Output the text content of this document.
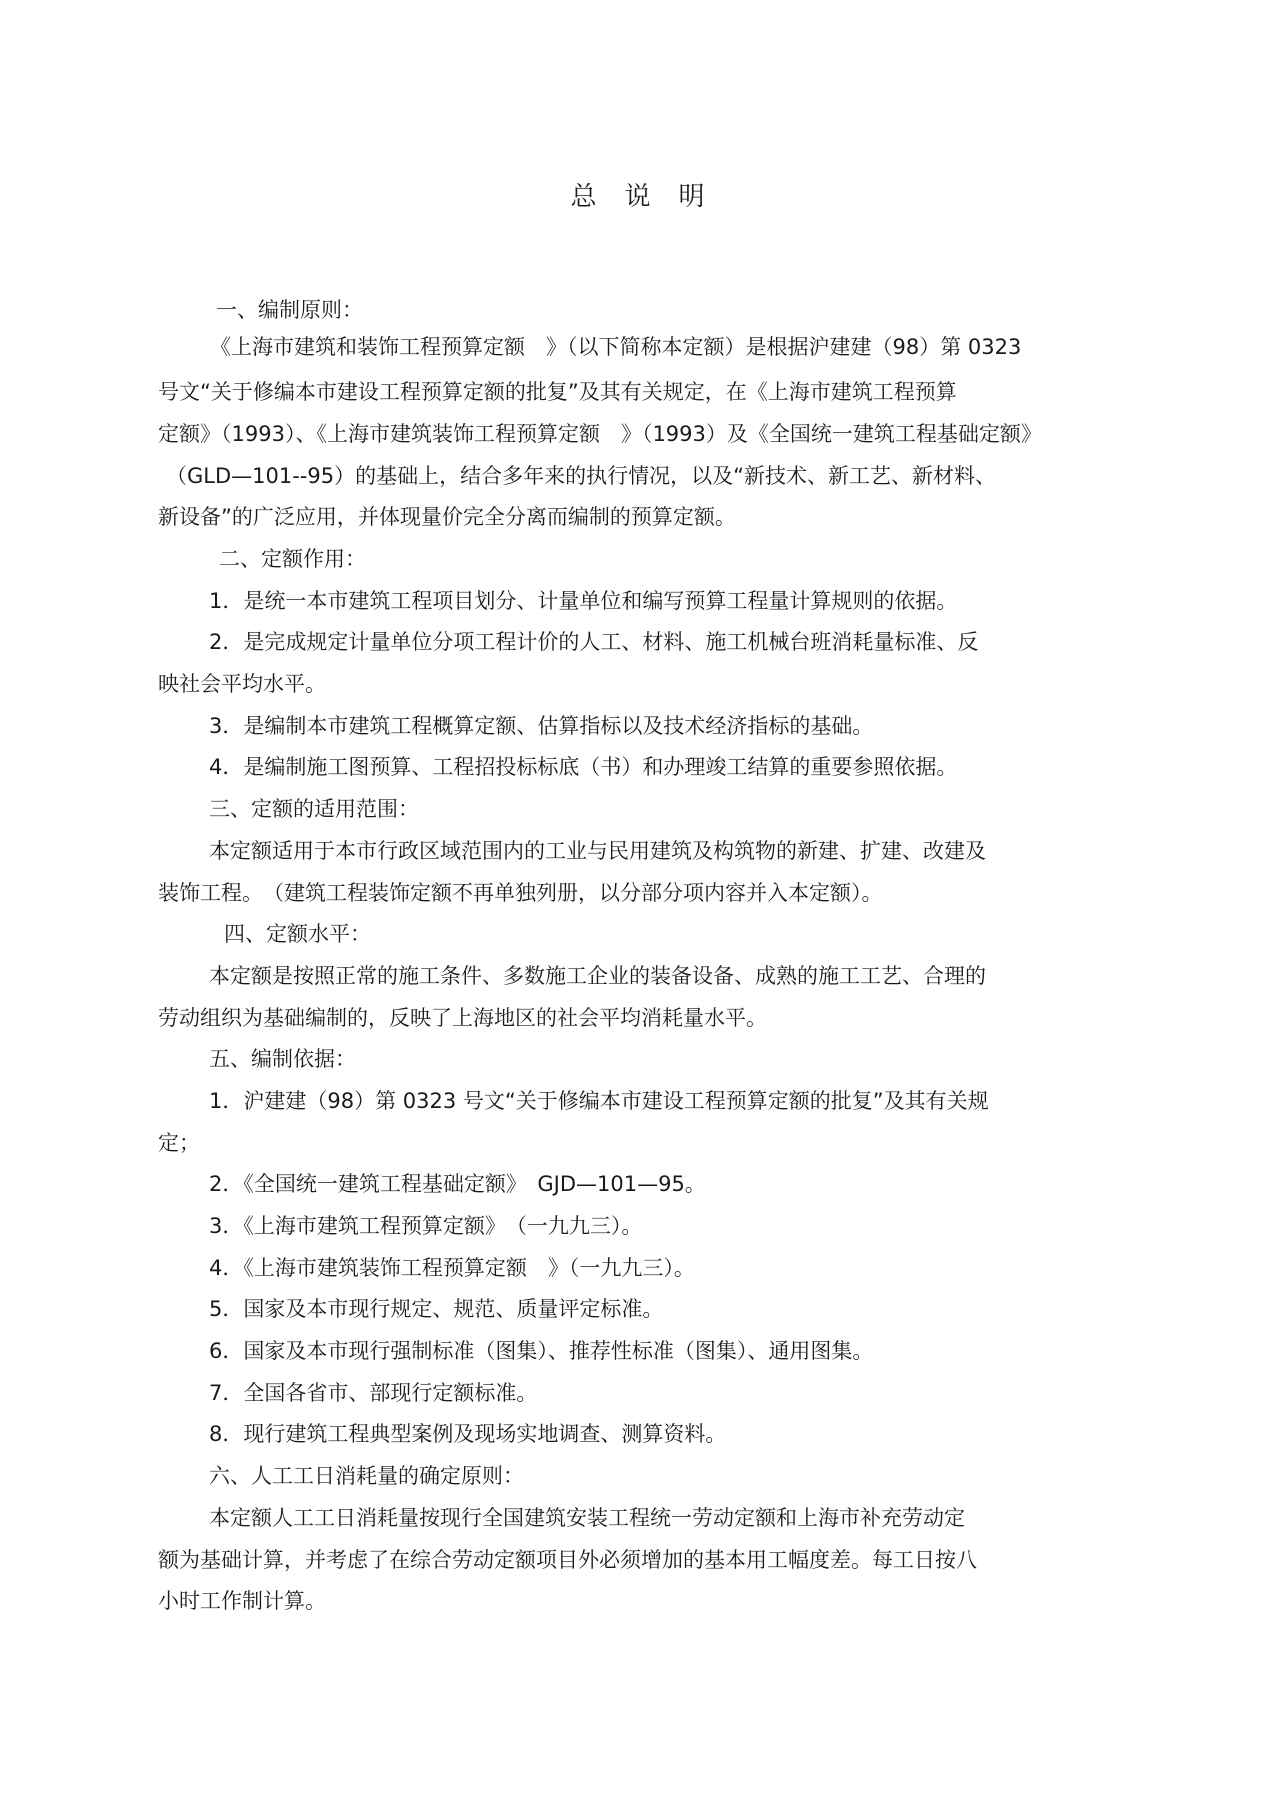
总说明
一、编制原则：
《上海市建筑和装饰工程预算定额　》（以下简称本定额）是根据沪建建（98）第 0323
号文“关于修编本市建设工程预算定额的批复”及其有关规定，在《上海市建筑工程预算
定额》（1993）、《上海市建筑装饰工程预算定额　》（1993）及《全国统一建筑工程基础定额》
（GLD—101--95）的基础上，结合多年来的执行情况，以及“新技术、新工艺、新材料、
新设备”的广泛应用，并体现量价完全分离而编制的预算定额。
二、定额作用：
1．是统一本市建筑工程项目划分、计量单位和编写预算工程量计算规则的依据。
2．是完成规定计量单位分项工程计价的人工、材料、施工机械台班消耗量标准、反
映社会平均水平。
3．是编制本市建筑工程概算定额、估算指标以及技术经济指标的基础。
4．是编制施工图预算、工程招投标标底（书）和办理竣工结算的重要参照依据。
三、定额的适用范围：
本定额适用于本市行政区域范围内的工业与民用建筑及构筑物的新建、扩建、改建及
装饰工程。　（建筑工程装饰定额不再单独列册，以分部分项内容并入本定额）。
四、定额水平：
本定额是按照正常的施工条件、多数施工企业的装备设备、成熟的施工工艺、合理的
劳动组织为基础编制的，反映了上海地区的社会平均消耗量水平。
五、编制依据：
1．沪建建（98）第 0323 号文“关于修编本市建设工程预算定额的批复”及其有关规
定；
2．《全国统一建筑工程基础定额》　GJD—101—95。
3．《上海市建筑工程预算定额》　（一九九三）。
4．《上海市建筑装饰工程预算定额　》（一九九三）。
5．国家及本市现行规定、规范、质量评定标准。
6．国家及本市现行强制标准（图集）、推荐性标准（图集）、通用图集。
7．全国各省市、部现行定额标准。
8．现行建筑工程典型案例及现场实地调查、测算资料。
六、人工工日消耗量的确定原则：
本定额人工工日消耗量按现行全国建筑安装工程统一劳动定额和上海市补充劳动定
额为基础计算，并考虑了在综合劳动定额项目外必须增加的基本用工幅度差。每工日按八
小时工作制计算。
